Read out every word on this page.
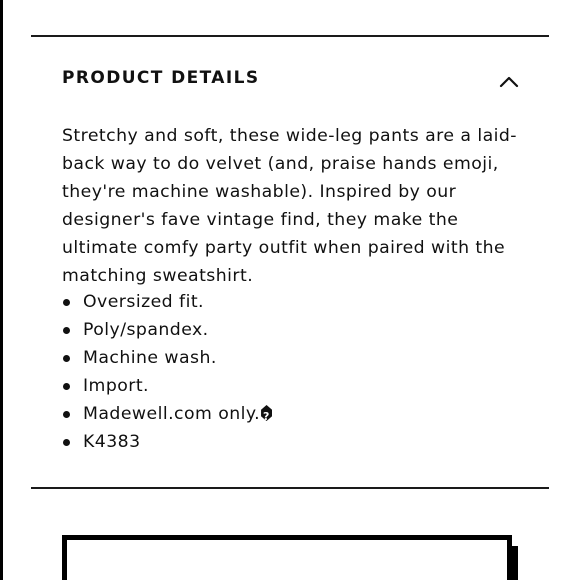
PRODUCT DETAILS

Stretchy and soft, these wide-leg pants are a laid-back way to do velvet (and, praise hands emoji, they're machine washable). Inspired by our designer's fave vintage find, they make the ultimate comfy party outfit when paired with the matching sweatshirt.

Oversized fit.
Poly/spandex.
Machine wash.
Import.
Madewell.com only.?
K4383
